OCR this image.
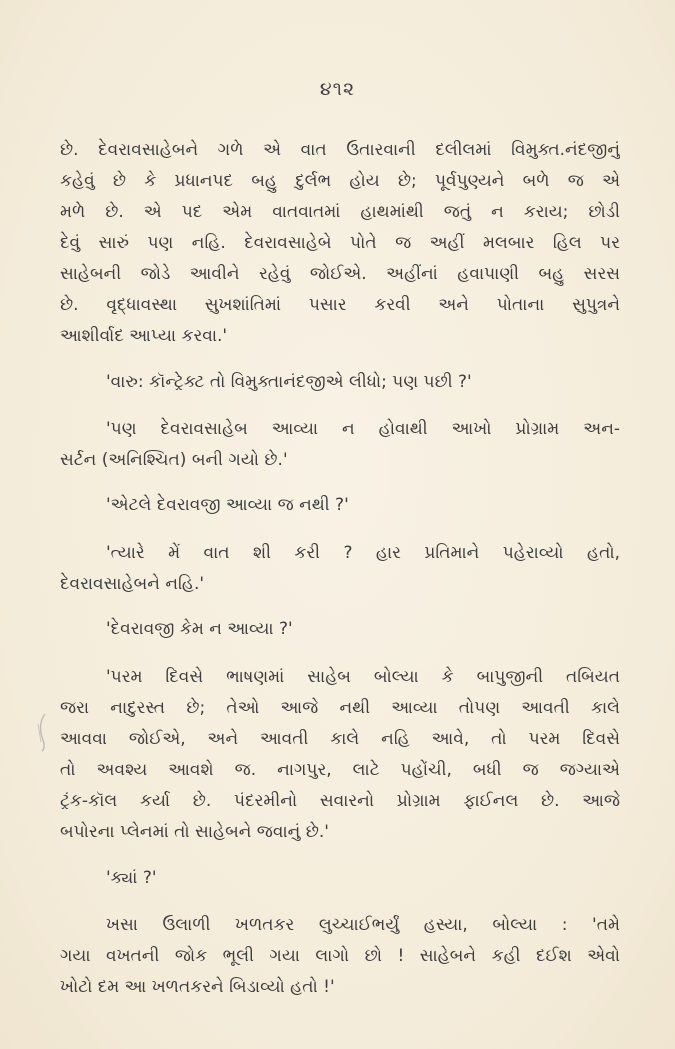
૪૧૨
છે. દેવરાવસાહેબને ગળે એ વાત ઉતારવાની દલીલમાં વિમુક્ત.નંદજીનું
કહેવું છે કે પ્રધાનપદ બહુ દુર્લભ હોય છે; પૂર્વપુણ્યને બળે જ એ
મળે છે. એ પદ એમ વાતવાતમાં હાથમાંથી જતું ન કરાય; છોડી
દેવું સારું પણ નહિ. દેવરાવસાહેબે પોતે જ અહીં મલબાર હિલ પર
સાહેબની જોડે આવીને રહેવું જોઈએ. અહીંનાં હવાપાણી બહુ સરસ
છે. વૃદ્ધાવસ્થા સુખશાંતિમાં પસાર કરવી અને પોતાના સુપુત્રને
આશીર્વાદ આપ્યા કરવા.'
'વારુ: કૉન્ટ્રેક્ટ તો વિમુક્તાનંદજીએ લીધો; પણ પછી ?'
'પણ દેવરાવસાહેબ આવ્યા ન હોવાથી આખો પ્રોગ્રામ અન-
સર્ટન (અનિશ્ચિત) બની ગયો છે.'
'એટલે દેવરાવજી આવ્યા જ નથી ?'
'ત્યારે મેં વાત શી કરી ? હાર પ્રતિમાને પહેરાવ્યો હતો,
દેવરાવસાહેબને નહિ.'
'દેવરાવજી કેમ ન આવ્યા ?'
'પરમ દિવસે ભાષણમાં સાહેબ બોલ્યા કે બાપુજીની તબિયત
જરા નાદુરસ્ત છે; તેઓ આજે નથી આવ્યા તોપણ આવતી કાલે
આવવા જોઈએ, અને આવતી કાલે નહિ આવે, તો પરમ દિવસે
તો અવશ્ય આવશે જ. નાગપુર, લાટે પહોંચી, બધી જ જગ્યાએ
ટ્રંક-કૉલ કર્યા છે. પંદરમીનો સવારનો પ્રોગ્રામ ફાઈનલ છે. આજે
બપોરના પ્લેનમાં તો સાહેબને જવાનું છે.'
'ક્યાં ?'
ખસા ઉલાળી ખળતકર લુચ્ચાઈભર્યું હસ્યા, બોલ્યા : 'તમે
ગયા વખતની જોક ભૂલી ગયા લાગો છો ! સાહેબને કહી દઈશ એવો
ખોટો દમ આ ખળતકરને બિડાવ્યો હતો !'
